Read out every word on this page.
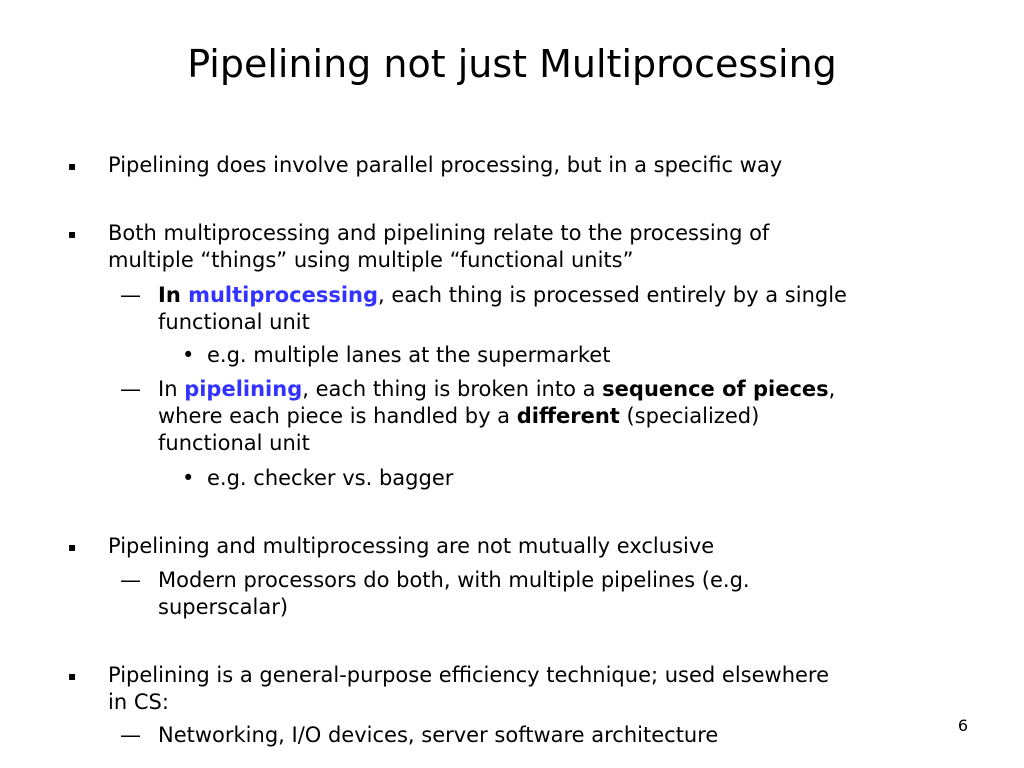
Pipelining not just Multiprocessing
▪ Pipelining does involve parallel processing, but in a specific way
▪ Both multiprocessing and pipelining relate to the processing of
multiple “things” using multiple “functional units”
— In multiprocessing, each thing is processed entirely by a single
functional unit
• e.g. multiple lanes at the supermarket
— In pipelining, each thing is broken into a sequence of pieces,
where each piece is handled by a different (specialized)
functional unit
• e.g. checker vs. bagger
▪ Pipelining and multiprocessing are not mutually exclusive
— Modern processors do both, with multiple pipelines (e.g.
superscalar)
▪ Pipelining is a general-purpose efficiency technique; used elsewhere
in CS:
— Networking, I/O devices, server software architecture	6
